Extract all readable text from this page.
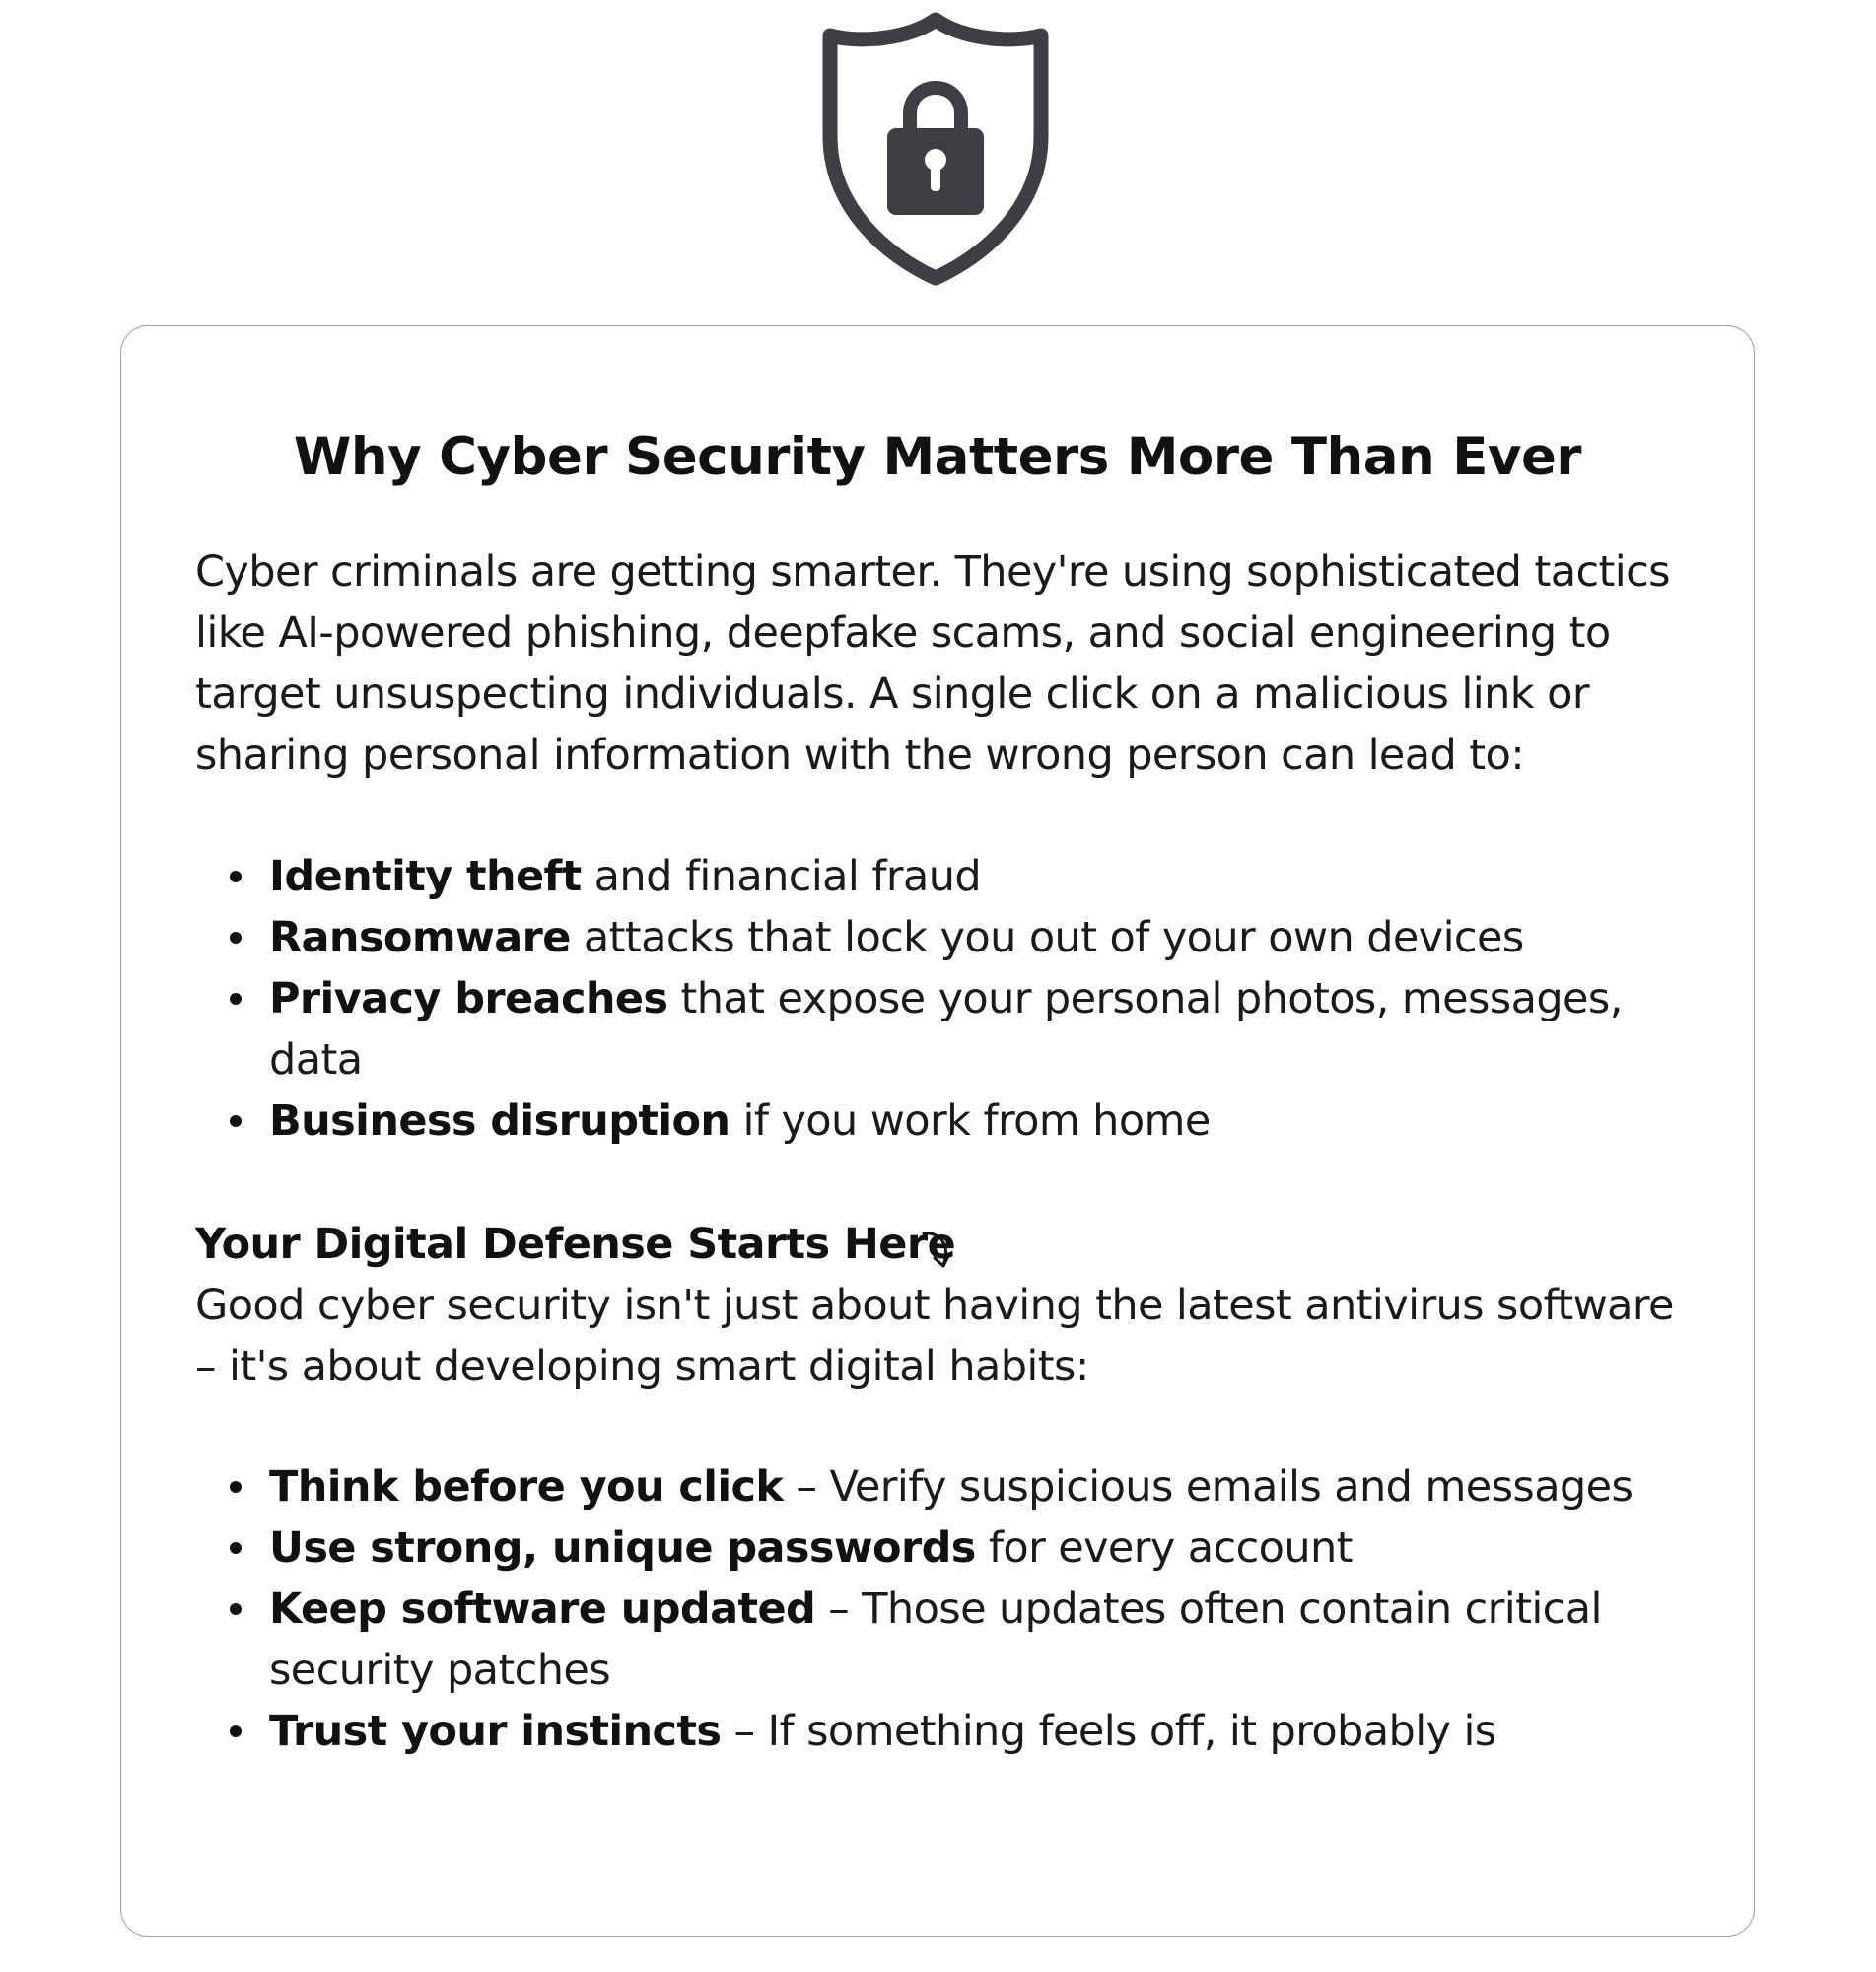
Why Cyber Security Matters More Than Ever

Cyber criminals are getting smarter. They're using sophisticated tactics like AI-powered phishing, deepfake scams, and social engineering to target unsuspecting individuals. A single click on a malicious link or sharing personal information with the wrong person can lead to:

Identity theft and financial fraud
Ransomware attacks that lock you out of your own devices
Privacy breaches that expose your personal photos, messages, data
Business disruption if you work from home
Your Digital Defense Starts Here

Good cyber security isn't just about having the latest antivirus software – it's about developing smart digital habits:

Think before you click – Verify suspicious emails and messages
Use strong, unique passwords for every account
Keep software updated – Those updates often contain critical security patches
Trust your instincts – If something feels off, it probably is
